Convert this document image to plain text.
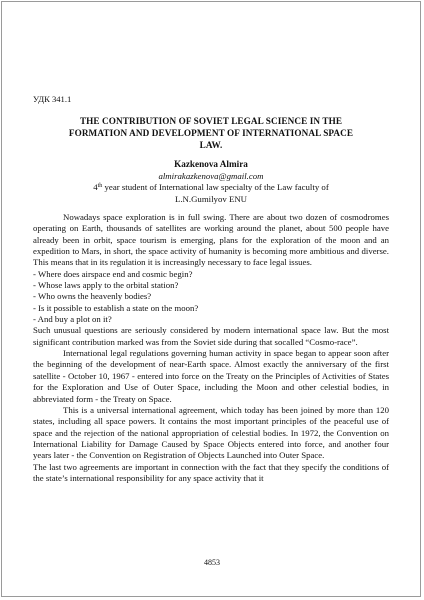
УДК 341.1
THE CONTRIBUTION OF SOVIET LEGAL SCIENCE IN THE
FORMATION AND DEVELOPMENT OF INTERNATIONAL SPACE
LAW.
Kazkenova Almira
almirakazkenova@gmail.com
4th year student of International law specialty of the Law faculty of
L.N.Gumilyov ENU

Nowadays space exploration is in full swing. There are about two dozen of cosmodromes operating on Earth, thousands of satellites are working around the planet, about 500 people have already been in orbit, space tourism is emerging, plans for the exploration of the moon and an expedition to Mars, in short, the space activity of humanity is becoming more ambitious and diverse. This means that in its regulation it is increasingly necessary to face legal issues.

- Where does airspace end and cosmic begin?

- Whose laws apply to the orbital station?

- Who owns the heavenly bodies?

- Is it possible to establish a state on the moon?

- And buy a plot on it?

Such unusual questions are seriously considered by modern international space law. But the most significant contribution marked was from the Soviet side during that socalled “Cosmo-race”.

International legal regulations governing human activity in space began to appear soon after the beginning of the development of near-Earth space. Almost exactly the anniversary of the first satellite - October 10, 1967 - entered into force on the Treaty on the Principles of Activities of States for the Exploration and Use of Outer Space, including the Moon and other celestial bodies, in abbreviated form - the Treaty on Space.

This is a universal international agreement, which today has been joined by more than 120 states, including all space powers. It contains the most important principles of the peaceful use of space and the rejection of the national appropriation of celestial bodies. In 1972, the Convention on International Liability for Damage Caused by Space Objects entered into force, and another four years later - the Convention on Registration of Objects Launched into Outer Space.

The last two agreements are important in connection with the fact that they specify the conditions of the state’s international responsibility for any space activity that it

4853
